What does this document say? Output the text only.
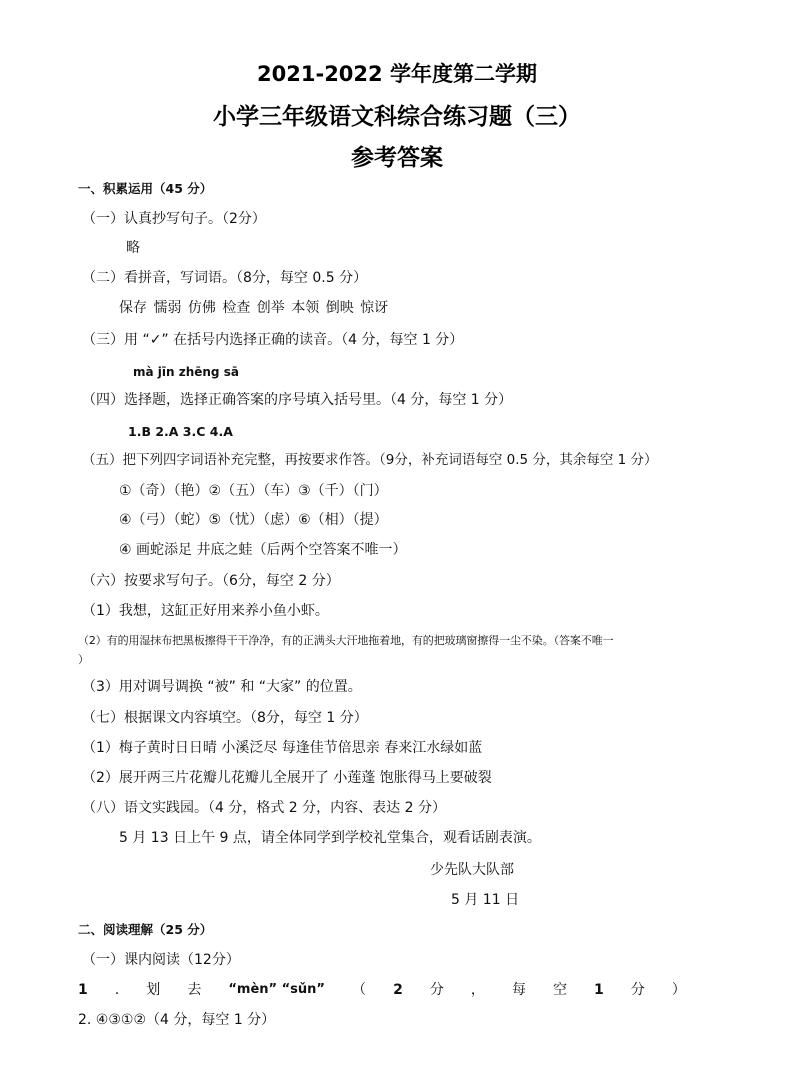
2021-2022 学年度第二学期
小学三年级语文科综合练习题（三）
参考答案
一、积累运用（45 分）
（一）认真抄写句子。（2分）
略
（二）看拼音，写词语。（8分，每空 0.5 分）
保存 懦弱 仿佛 检查 创举 本领 倒映 惊讶
（三）用 “✓” 在括号内选择正确的读音。（4 分，每空 1 分）
mà jīn zhēng sā
（四）选择题，选择正确答案的序号填入括号里。（4 分，每空 1 分）
1.B 2.A 3.C 4.A
（五）把下列四字词语补充完整，再按要求作答。（9分，补充词语每空 0.5 分，其余每空 1 分）
①（奇）（艳）②（五）（车）③（千）（门）
④（弓）（蛇）⑤（忧）（虑）⑥（相）（提）
④ 画蛇添足 井底之蛙（后两个空答案不唯一）
（六）按要求写句子。（6分，每空 2 分）
（1）我想，这缸正好用来养小鱼小虾。
（2）有的用湿抹布把黑板擦得干干净净，有的正满头大汗地拖着地，有的把玻璃窗擦得一尘不染。（答案不唯一
）
（3）用对调号调换 “被” 和 “大家” 的位置。
（七）根据课文内容填空。（8分，每空 1 分）
（1）梅子黄时日日晴 小溪泛尽 每逢佳节倍思亲 春来江水绿如蓝
（2）展开两三片花瓣儿花瓣儿全展开了 小莲蓬 饱胀得马上要破裂
（八）语文实践园。（4 分，格式 2 分，内容、表达 2 分）
5 月 13 日上午 9 点，请全体同学到学校礼堂集合，观看话剧表演。
少先队大队部
5 月 11 日
二、阅读理解（25 分）
（一）课内阅读（12分）
1 . 划 去 “mèn” “sǔn” （ 2 分 ， 每 空 1 分 ）
2. ④③①②（4 分，每空 1 分）
